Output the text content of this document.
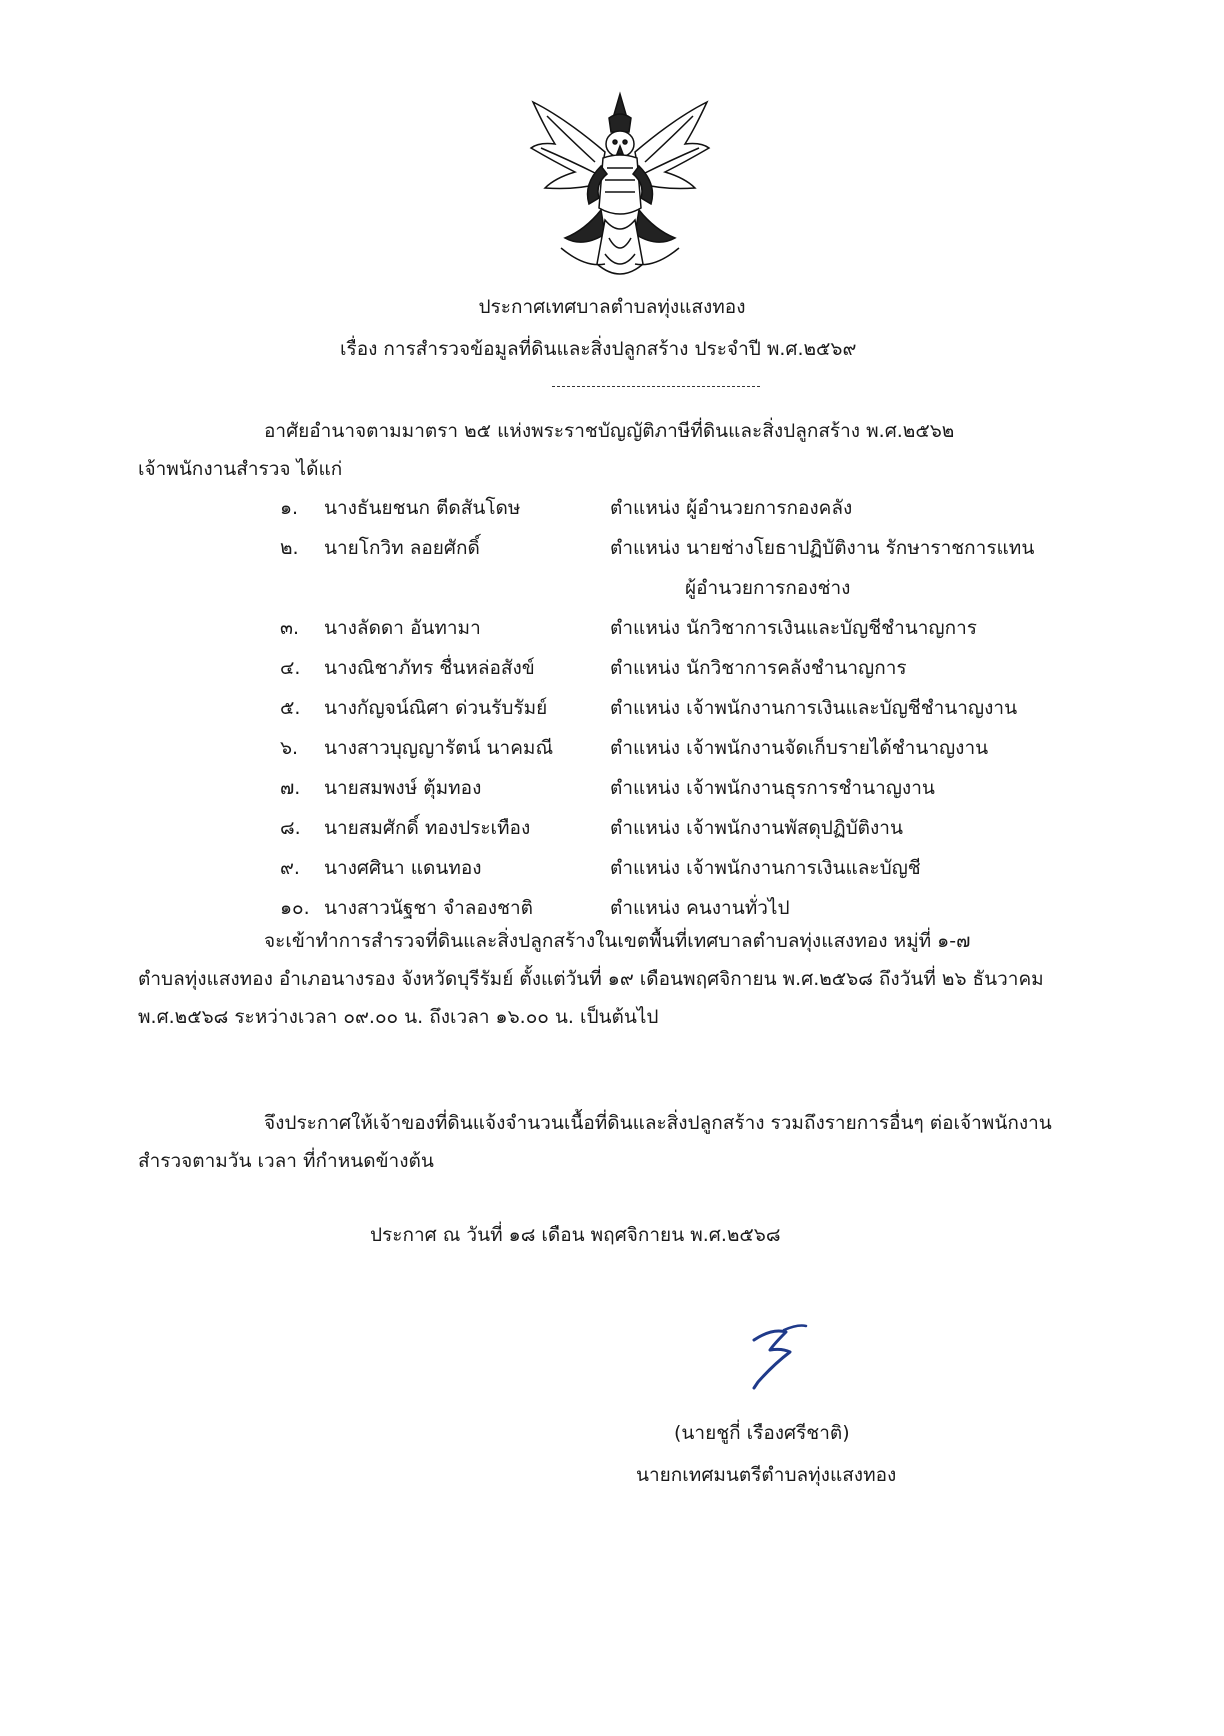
ประกาศเทศบาลตำบลทุ่งแสงทอง
เรื่อง การสำรวจข้อมูลที่ดินและสิ่งปลูกสร้าง ประจำปี พ.ศ.๒๕๖๙
อาศัยอำนาจตามมาตรา ๒๕ แห่งพระราชบัญญัติภาษีที่ดินและสิ่งปลูกสร้าง พ.ศ.๒๕๖๒
เจ้าพนักงานสำรวจ ได้แก่
๑.	นางธันยชนก ตีดสันโดษ	ตำแหน่ง ผู้อำนวยการกองคลัง
๒.	นายโกวิท ลอยศักดิ์	ตำแหน่ง นายช่างโยธาปฏิบัติงาน รักษาราชการแทน
ผู้อำนวยการกองช่าง
๓.	นางลัดดา อันทามา	ตำแหน่ง นักวิชาการเงินและบัญชีชำนาญการ
๔.	นางณิชาภัทร ชื่นหล่อสังข์	ตำแหน่ง นักวิชาการคลังชำนาญการ
๕.	นางกัญจน์ณิศา ด่วนรับรัมย์	ตำแหน่ง เจ้าพนักงานการเงินและบัญชีชำนาญงาน
๖.	นางสาวบุญญารัตน์ นาคมณี	ตำแหน่ง เจ้าพนักงานจัดเก็บรายได้ชำนาญงาน
๗.	นายสมพงษ์ ตุ้มทอง	ตำแหน่ง เจ้าพนักงานธุรการชำนาญงาน
๘.	นายสมศักดิ์ ทองประเทือง	ตำแหน่ง เจ้าพนักงานพัสดุปฏิบัติงาน
๙.	นางศศินา แดนทอง	ตำแหน่ง เจ้าพนักงานการเงินและบัญชี
๑๐. นางสาวนัฐชา จำลองชาติ	ตำแหน่ง คนงานทั่วไป
จะเข้าทำการสำรวจที่ดินและสิ่งปลูกสร้างในเขตพื้นที่เทศบาลตำบลทุ่งแสงทอง หมู่ที่ ๑-๗
ตำบลทุ่งแสงทอง อำเภอนางรอง จังหวัดบุรีรัมย์ ตั้งแต่วันที่ ๑๙ เดือนพฤศจิกายน พ.ศ.๒๕๖๘ ถึงวันที่ ๒๖ ธันวาคม
พ.ศ.๒๕๖๘ ระหว่างเวลา ๐๙.๐๐ น. ถึงเวลา ๑๖.๐๐ น. เป็นต้นไป
จึงประกาศให้เจ้าของที่ดินแจ้งจำนวนเนื้อที่ดินและสิ่งปลูกสร้าง รวมถึงรายการอื่นๆ ต่อเจ้าพนักงาน
สำรวจตามวัน เวลา ที่กำหนดข้างต้น
ประกาศ ณ วันที่ ๑๘ เดือน พฤศจิกายน พ.ศ.๒๕๖๘
(นายชูกี่ เรืองศรีชาติ)
นายกเทศมนตรีตำบลทุ่งแสงทอง
